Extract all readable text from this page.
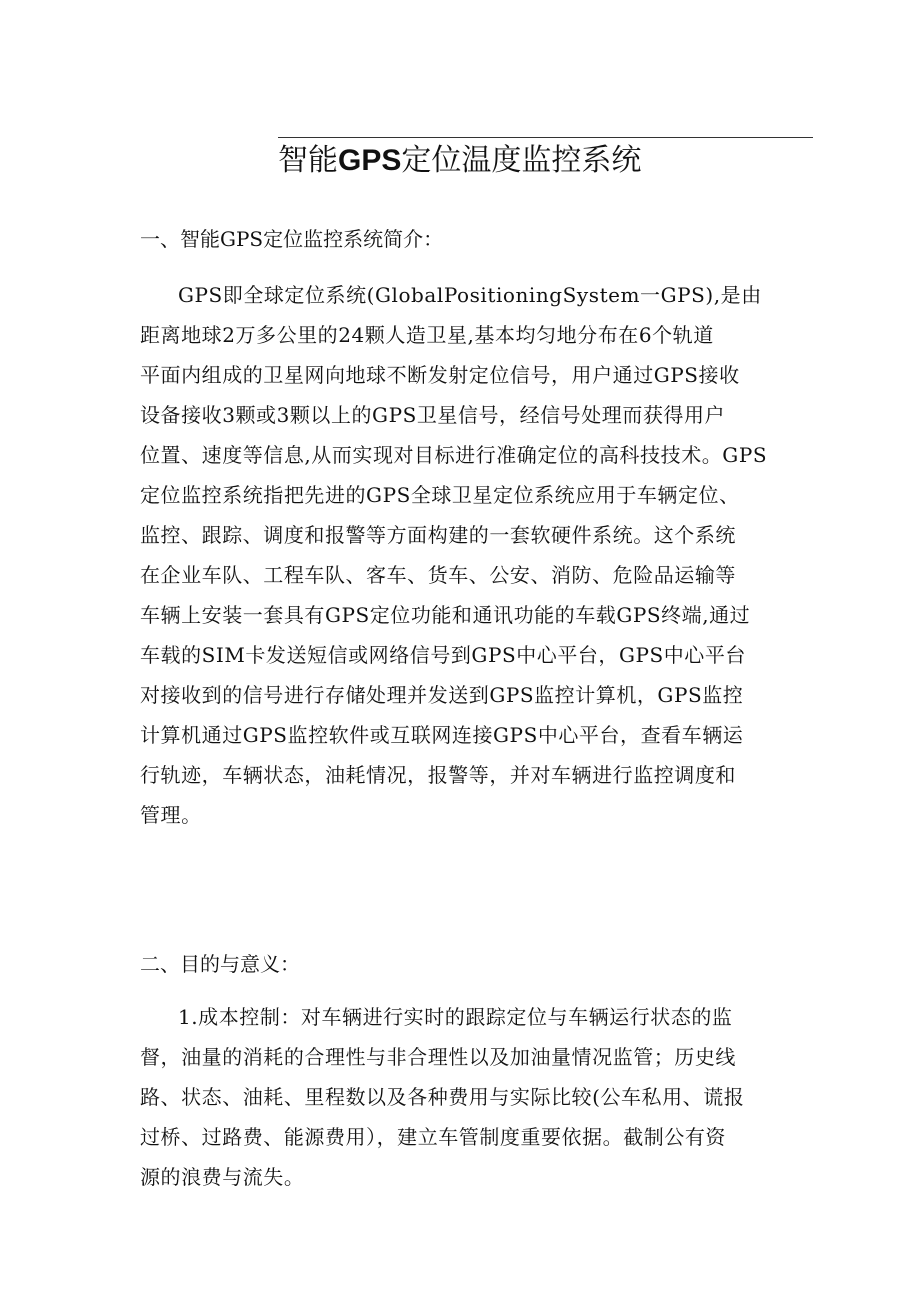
智能GPS定位温度监控系统
一、智能GPS定位监控系统简介：
GPS即全球定位系统(GlobalPositioningSystem一GPS),是由
距离地球2万多公里的24颗人造卫星,基本均匀地分布在6个轨道
平面内组成的卫星网向地球不断发射定位信号，用户通过GPS接收
设备接收3颗或3颗以上的GPS卫星信号，经信号处理而获得用户
位置、速度等信息,从而实现对目标进行准确定位的高科技技术。GPS
定位监控系统指把先进的GPS全球卫星定位系统应用于车辆定位、
监控、跟踪、调度和报警等方面构建的一套软硬件系统。这个系统
在企业车队、工程车队、客车、货车、公安、消防、危险品运输等
车辆上安装一套具有GPS定位功能和通讯功能的车载GPS终端,通过
车载的SIM卡发送短信或网络信号到GPS中心平台，GPS中心平台
对接收到的信号进行存储处理并发送到GPS监控计算机，GPS监控
计算机通过GPS监控软件或互联网连接GPS中心平台，查看车辆运
行轨迹，车辆状态，油耗情况，报警等，并对车辆进行监控调度和
管理。
二、目的与意义：
1.成本控制：对车辆进行实时的跟踪定位与车辆运行状态的监
督，油量的消耗的合理性与非合理性以及加油量情况监管；历史线
路、状态、油耗、里程数以及各种费用与实际比较(公车私用、谎报
过桥、过路费、能源费用），建立车管制度重要依据。截制公有资
源的浪费与流失。
